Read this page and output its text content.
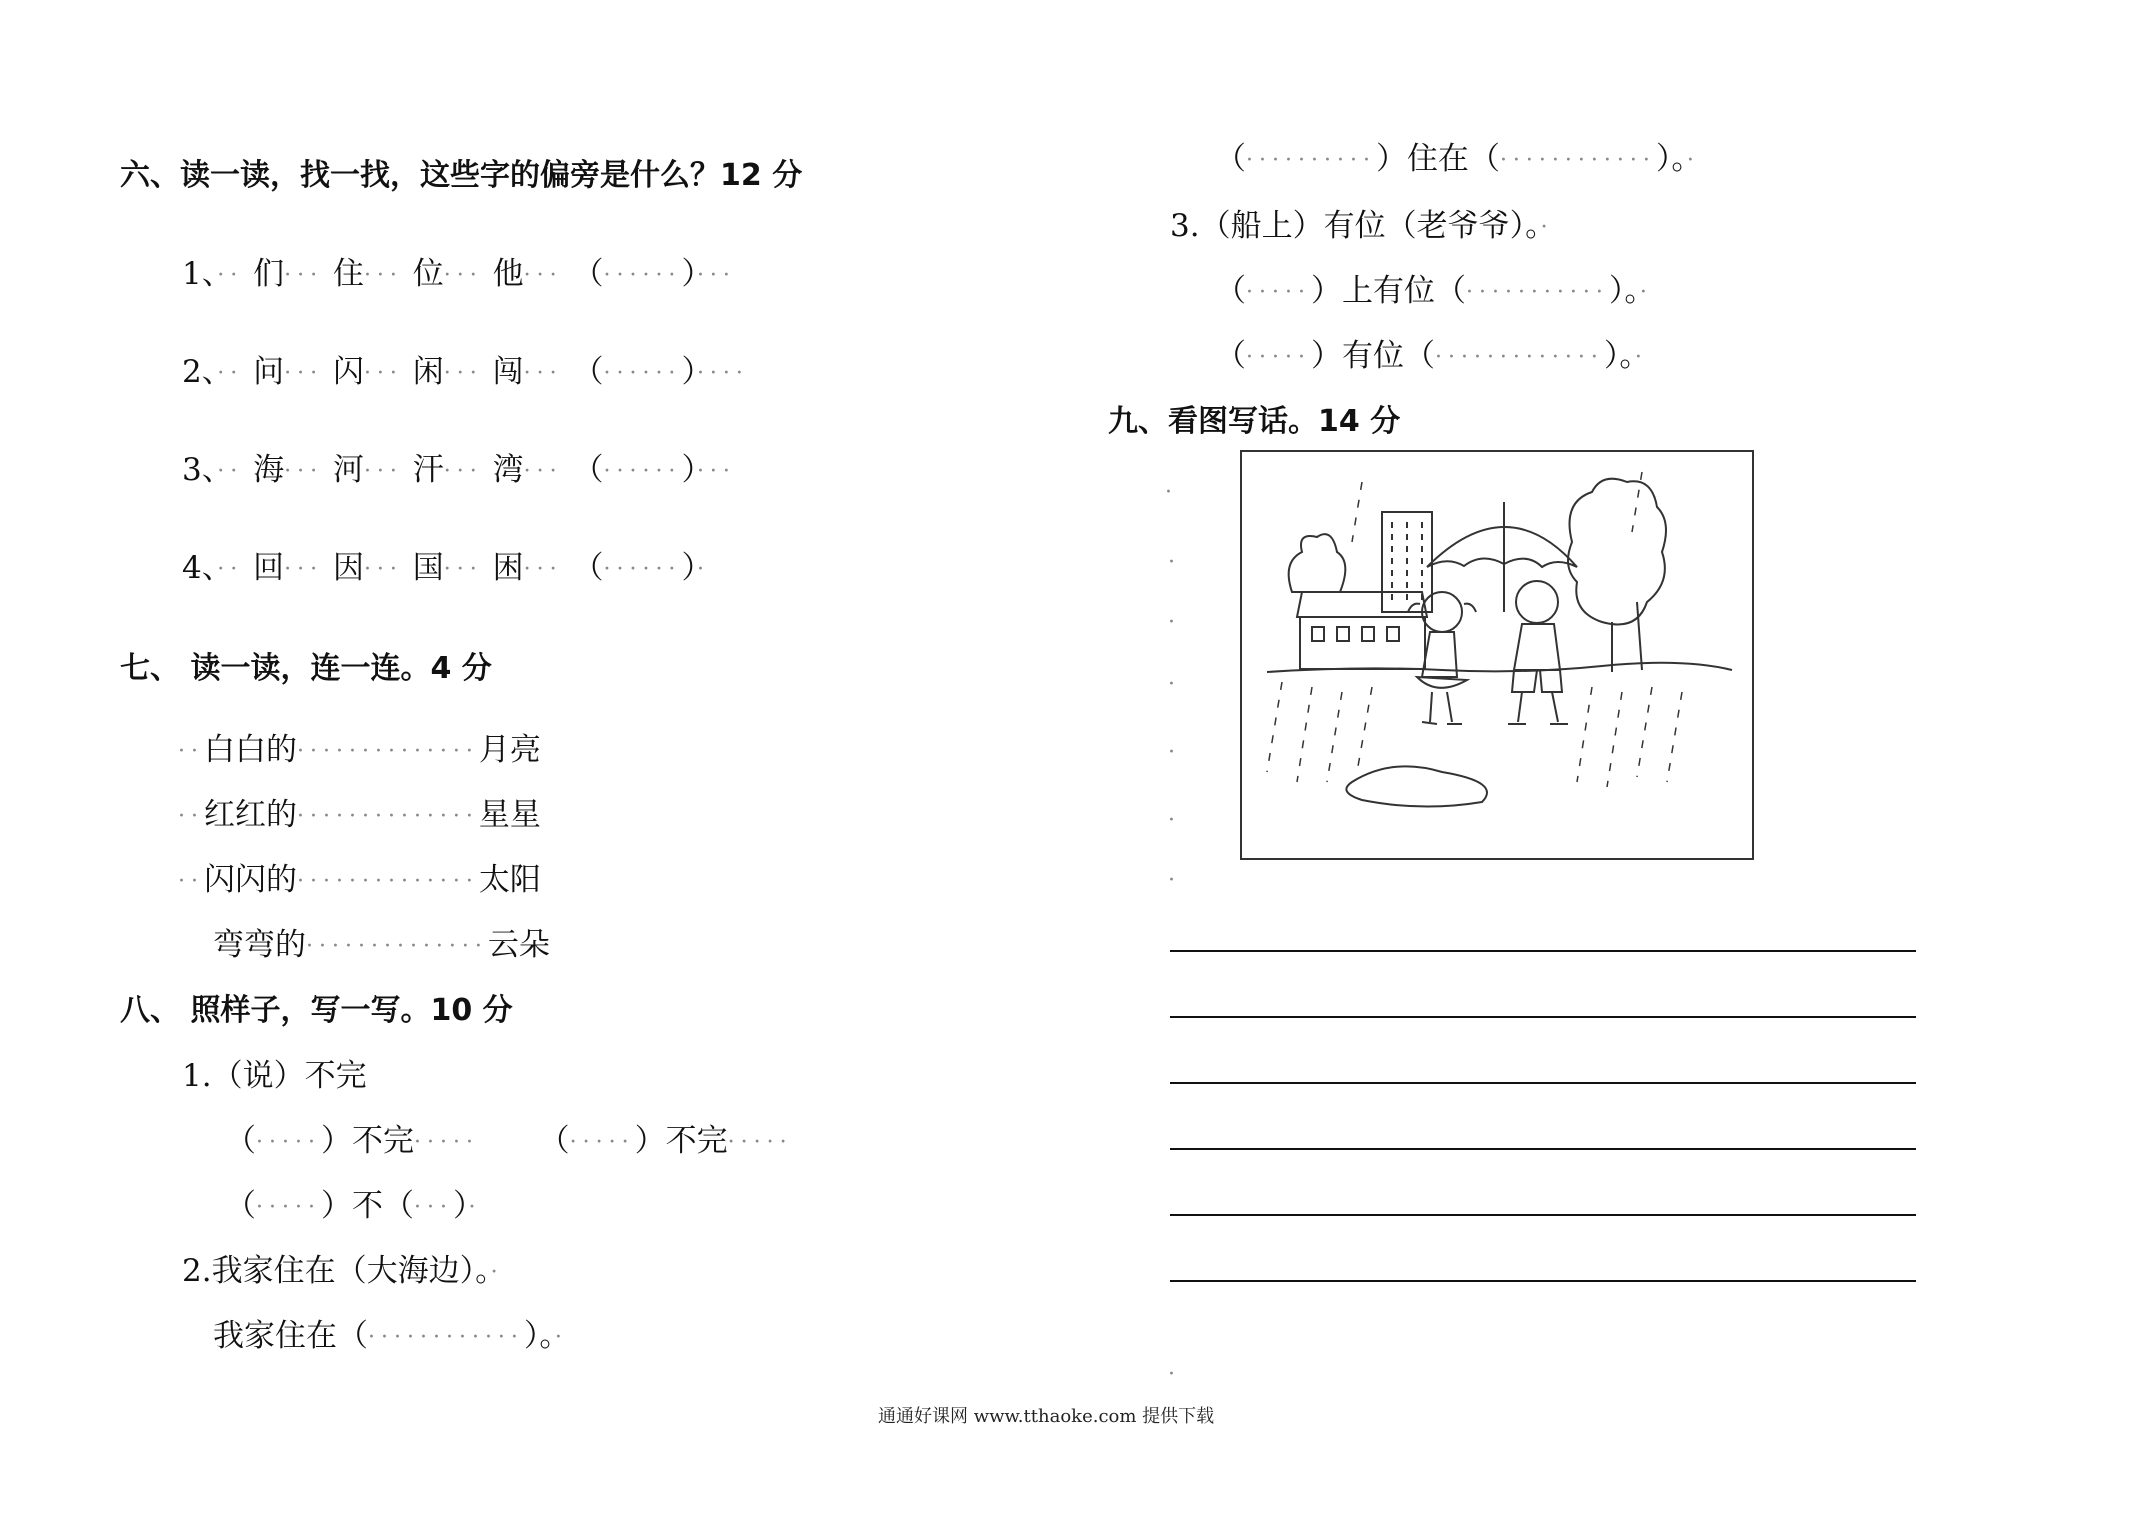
六、读一读，找一找，这些字的偏旁是什么？12 分
1、·· 们··· 住··· 位··· 他··· （······）···
2、·· 问··· 闪··· 闲··· 闯··· （······）····
3、·· 海··· 河··· 汗··· 湾··· （······）···
4、·· 回··· 因··· 国··· 困··· （······）·
七、 读一读，连一连。4 分
··白白的··············月亮
··红红的··············星星
··闪闪的··············太阳
弯弯的··············云朵
八、 照样子，写一写。10 分
1.（说）不完
（·····）不完····· （·····）不完·····
（·····）不（···）·
2.我家住在（大海边）。·
我家住在（············）。·
（··········）住在（············）。·
3.（船上）有位（老爷爷）。·
（·····）上有位（···········）。·
（·····）有位（·············）。·
九、看图写话。14 分
·
·
·
·
·
·
·
·
通通好课网 www.tthaoke.com 提供下载
